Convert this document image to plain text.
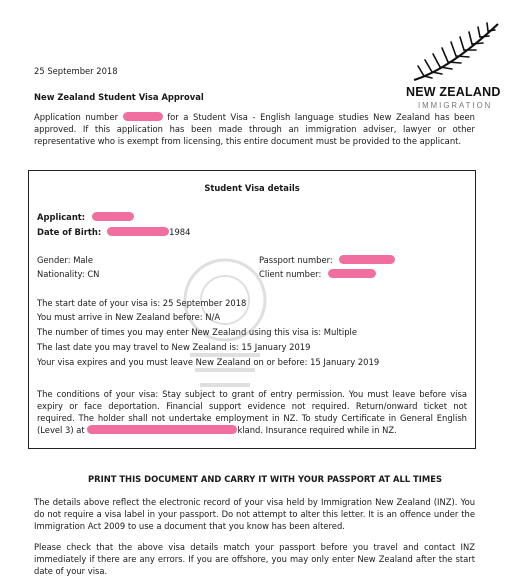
NEW ZEALAND
IMMIGRATION
25 September 2018
New Zealand Student Visa Approval
Application number	for a Student Visa - English language studies New Zealand has been approved. If this application has been made through an immigration adviser, lawyer or other representative who is exempt from licensing, this entire document must be provided to the applicant.
Student Visa details
Applicant:
Date of Birth:	1984
Gender: Male
Nationality: CN
Passport number:
Client number:
The start date of your visa is: 25 September 2018
You must arrive in New Zealand before: N/A
The number of times you may enter New Zealand using this visa is: Multiple
The last date you may travel to New Zealand is: 15 January 2019
Your visa expires and you must leave New Zealand on or before: 15 January 2019
The conditions of your visa: Stay subject to grant of entry permission. You must leave before visa expiry or face deportation. Financial support evidence not required. Return/onward ticket not required. The holder shall not undertake employment in NZ. To study Certificate in General English (Level 3) at	kland. Insurance required while in NZ.
PRINT THIS DOCUMENT AND CARRY IT WITH YOUR PASSPORT AT ALL TIMES
The details above reflect the electronic record of your visa held by Immigration New Zealand (INZ). You do not require a visa label in your passport. Do not attempt to alter this letter. It is an offence under the Immigration Act 2009 to use a document that you know has been altered.
Please check that the above visa details match your passport before you travel and contact INZ immediately if there are any errors. If you are offshore, you may only enter New Zealand after the start date of your visa.
